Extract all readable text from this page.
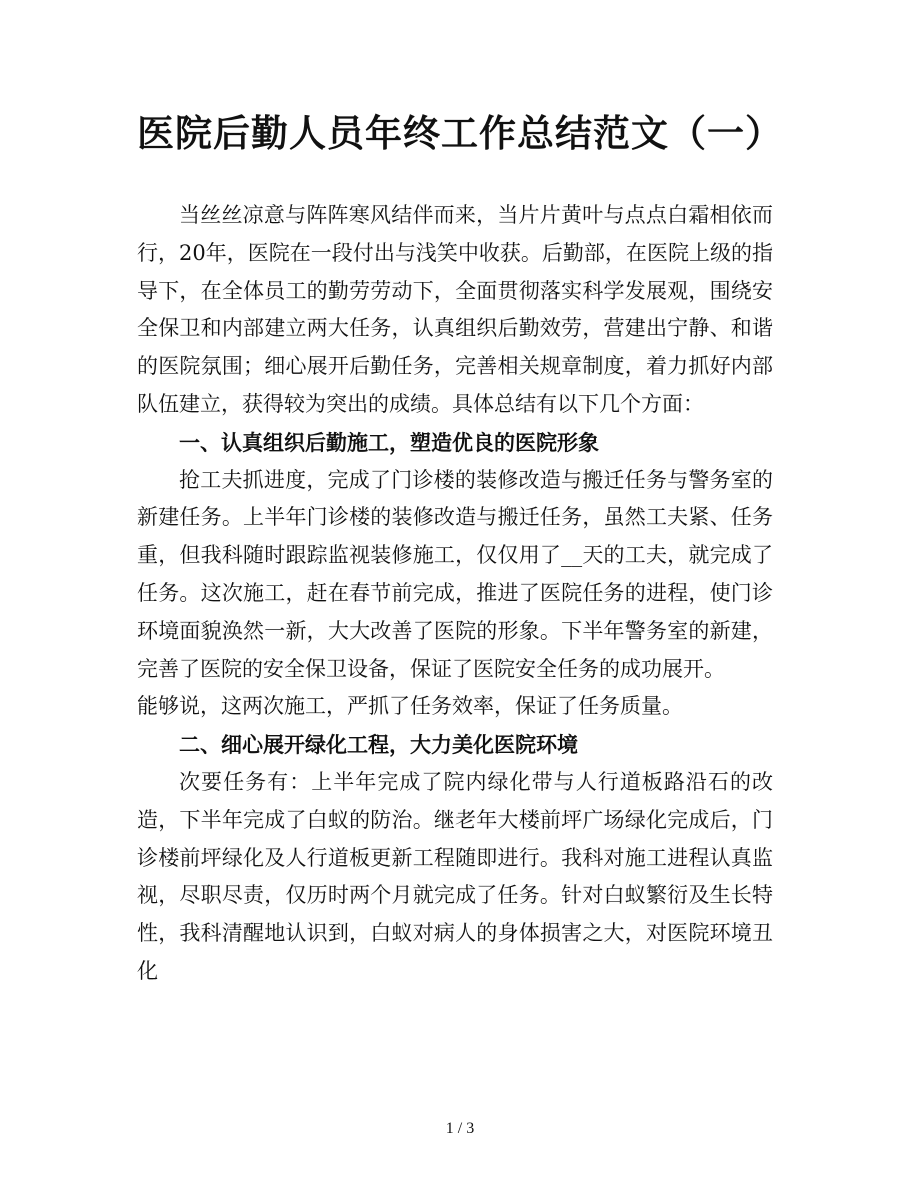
医院后勤人员年终工作总结范文（一）

当丝丝凉意与阵阵寒风结伴而来，当片片黄叶与点点白霜相依而行，20年，医院在一段付出与浅笑中收获。后勤部，在医院上级的指导下，在全体员工的勤劳劳动下，全面贯彻落实科学发展观，围绕安全保卫和内部建立两大任务，认真组织后勤效劳，营建出宁静、和谐的医院氛围；细心展开后勤任务，完善相关规章制度，着力抓好内部队伍建立，获得较为突出的成绩。具体总结有以下几个方面：

一、认真组织后勤施工，塑造优良的医院形象

抢工夫抓进度，完成了门诊楼的装修改造与搬迁任务与警务室的新建任务。上半年门诊楼的装修改造与搬迁任务，虽然工夫紧、任务重，但我科随时跟踪监视装修施工，仅仅用了__天的工夫，就完成了任务。这次施工，赶在春节前完成，推进了医院任务的进程，使门诊环境面貌涣然一新，大大改善了医院的形象。下半年警务室的新建，完善了医院的安全保卫设备，保证了医院安全任务的成功展开。

能够说，这两次施工，严抓了任务效率，保证了任务质量。

二、细心展开绿化工程，大力美化医院环境

次要任务有：上半年完成了院内绿化带与人行道板路沿石的改造，下半年完成了白蚁的防治。继老年大楼前坪广场绿化完成后，门诊楼前坪绿化及人行道板更新工程随即进行。我科对施工进程认真监视，尽职尽责，仅历时两个月就完成了任务。针对白蚁繁衍及生长特性，我科清醒地认识到，白蚁对病人的身体损害之大，对医院环境丑化

1 / 3
